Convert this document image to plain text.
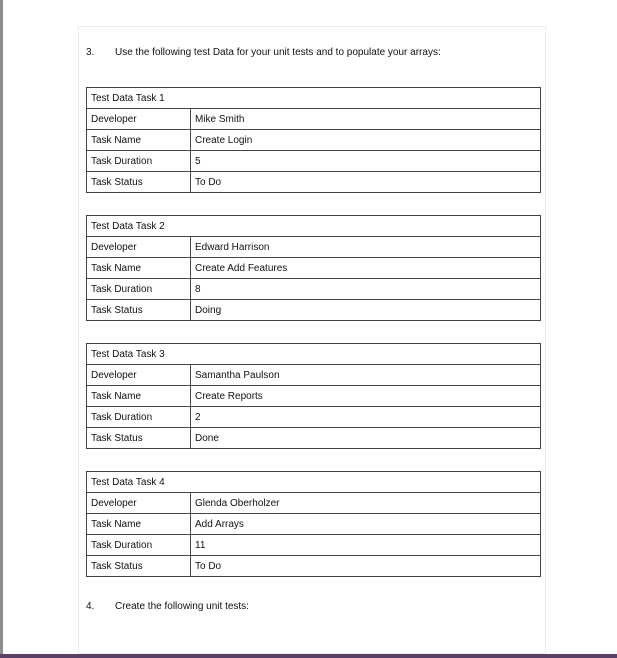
3. Use the following test Data for your unit tests and to populate your arrays:
Test Data Task 1	
Developer	Mike Smith
Task Name	Create Login
Task Duration	5
Task Status	To Do
Test Data Task 2	
Developer	Edward Harrison
Task Name	Create Add Features
Task Duration	8
Task Status	Doing
Test Data Task 3	
Developer	Samantha Paulson
Task Name	Create Reports
Task Duration	2
Task Status	Done
Test Data Task 4	
Developer	Glenda Oberholzer
Task Name	Add Arrays
Task Duration	11
Task Status	To Do
4. Create the following unit tests:
